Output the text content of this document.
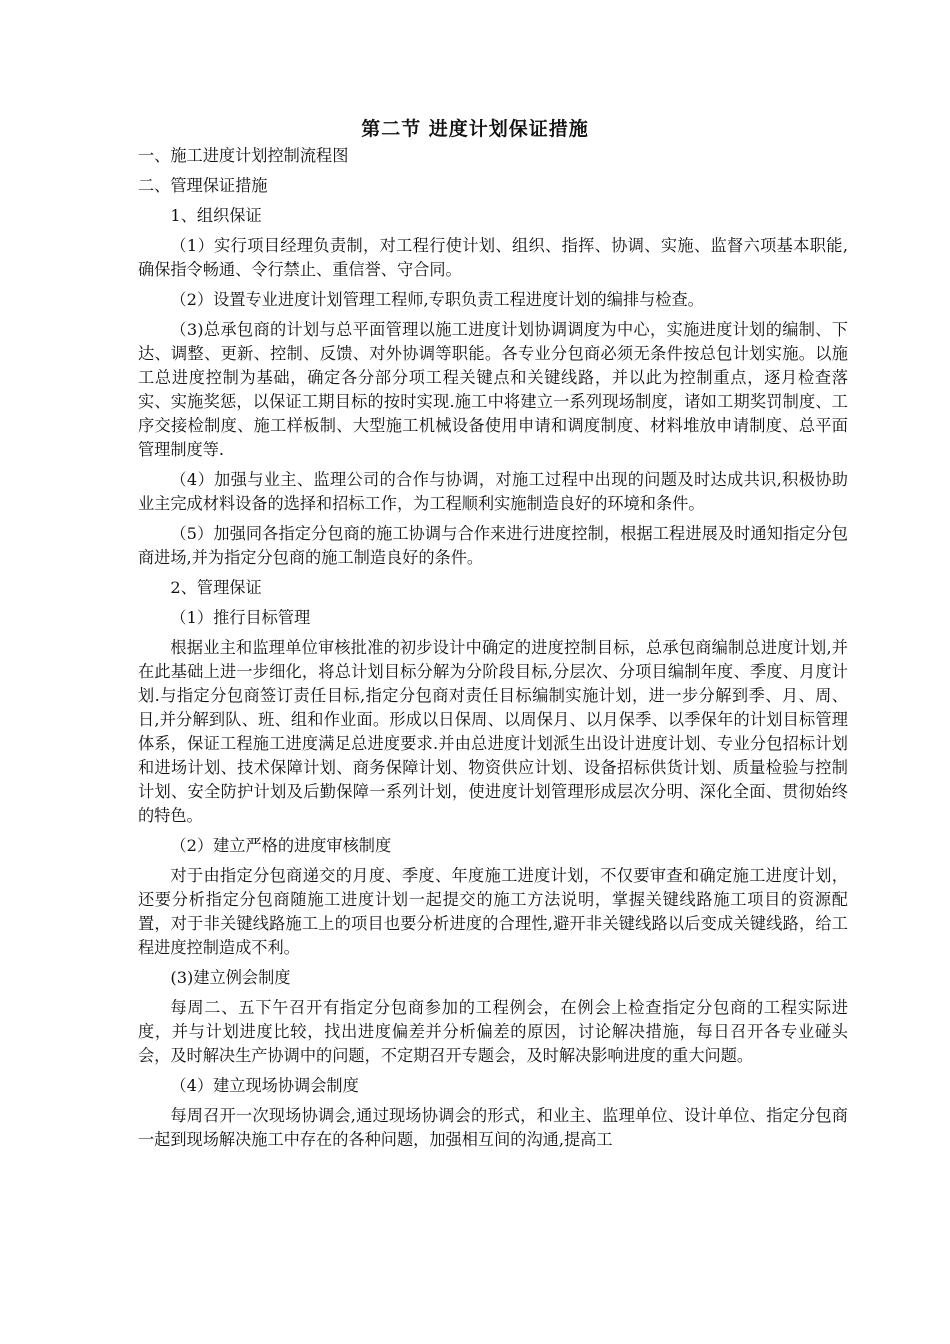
第二节 进度计划保证措施
一、施工进度计划控制流程图
二、管理保证措施
1、组织保证
（1）实行项目经理负责制，对工程行使计划、组织、指挥、协调、实施、监督六项基本职能,确保指令畅通、令行禁止、重信誉、守合同。
（2）设置专业进度计划管理工程师,专职负责工程进度计划的编排与检查。
（3)总承包商的计划与总平面管理以施工进度计划协调调度为中心，实施进度计划的编制、下达、调整、更新、控制、反馈、对外协调等职能。各专业分包商必须无条件按总包计划实施。以施工总进度控制为基础，确定各分部分项工程关键点和关键线路，并以此为控制重点，逐月检查落实、实施奖惩，以保证工期目标的按时实现.施工中将建立一系列现场制度，诸如工期奖罚制度、工序交接检制度、施工样板制、大型施工机械设备使用申请和调度制度、材料堆放申请制度、总平面管理制度等.
（4）加强与业主、监理公司的合作与协调，对施工过程中出现的问题及时达成共识,积极协助业主完成材料设备的选择和招标工作，为工程顺利实施制造良好的环境和条件。
（5）加强同各指定分包商的施工协调与合作来进行进度控制，根据工程进展及时通知指定分包商进场,并为指定分包商的施工制造良好的条件。
2、管理保证
（1）推行目标管理
根据业主和监理单位审核批准的初步设计中确定的进度控制目标，总承包商编制总进度计划,并在此基础上进一步细化，将总计划目标分解为分阶段目标,分层次、分项目编制年度、季度、月度计划.与指定分包商签订责任目标,指定分包商对责任目标编制实施计划，进一步分解到季、月、周、日,并分解到队、班、组和作业面。形成以日保周、以周保月、以月保季、以季保年的计划目标管理体系，保证工程施工进度满足总进度要求.并由总进度计划派生出设计进度计划、专业分包招标计划和进场计划、技术保障计划、商务保障计划、物资供应计划、设备招标供货计划、质量检验与控制计划、安全防护计划及后勤保障一系列计划，使进度计划管理形成层次分明、深化全面、贯彻始终的特色。
（2）建立严格的进度审核制度
对于由指定分包商递交的月度、季度、年度施工进度计划，不仅要审查和确定施工进度计划，还要分析指定分包商随施工进度计划一起提交的施工方法说明，掌握关键线路施工项目的资源配置，对于非关键线路施工上的项目也要分析进度的合理性,避开非关键线路以后变成关键线路，给工程进度控制造成不利。
(3)建立例会制度
每周二、五下午召开有指定分包商参加的工程例会，在例会上检查指定分包商的工程实际进度，并与计划进度比较，找出进度偏差并分析偏差的原因，讨论解决措施，每日召开各专业碰头会，及时解决生产协调中的问题，不定期召开专题会，及时解决影响进度的重大问题。
（4）建立现场协调会制度
每周召开一次现场协调会,通过现场协调会的形式，和业主、监理单位、设计单位、指定分包商一起到现场解决施工中存在的各种问题，加强相互间的沟通,提高工
